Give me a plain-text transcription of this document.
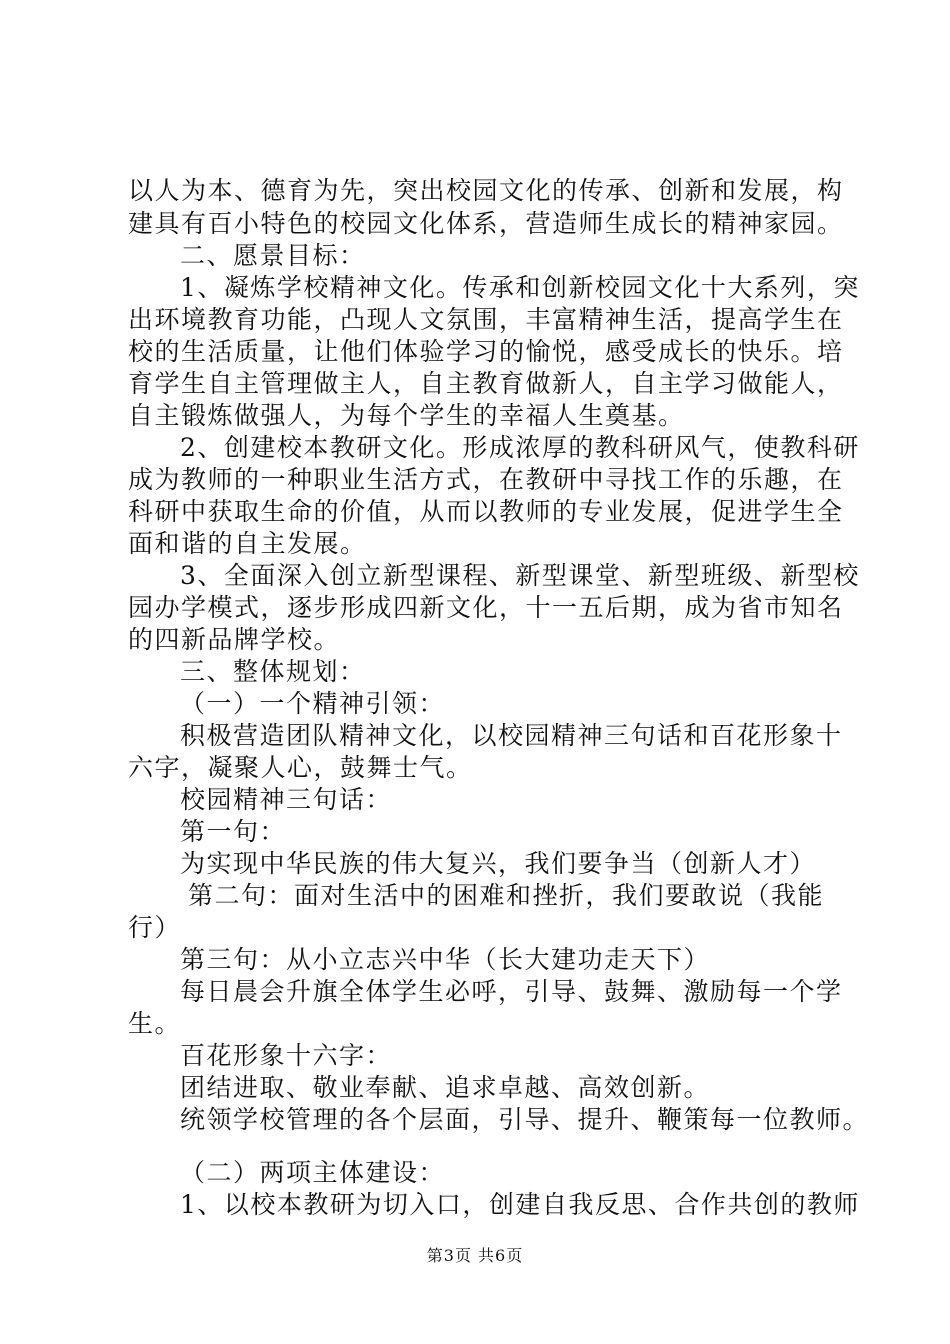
以人为本、德育为先，突出校园文化的传承、创新和发展，构
建具有百小特色的校园文化体系，营造师生成长的精神家园。
二、愿景目标：
1、凝炼学校精神文化。传承和创新校园文化十大系列，突
出环境教育功能，凸现人文氛围，丰富精神生活，提高学生在
校的生活质量，让他们体验学习的愉悦，感受成长的快乐。培
育学生自主管理做主人，自主教育做新人，自主学习做能人，
自主锻炼做强人，为每个学生的幸福人生奠基。
2、创建校本教研文化。形成浓厚的教科研风气，使教科研
成为教师的一种职业生活方式，在教研中寻找工作的乐趣，在
科研中获取生命的价值，从而以教师的专业发展，促进学生全
面和谐的自主发展。
3、全面深入创立新型课程、新型课堂、新型班级、新型校
园办学模式，逐步形成四新文化，十一五后期，成为省市知名
的四新品牌学校。
三、整体规划：
（一）一个精神引领：
积极营造团队精神文化，以校园精神三句话和百花形象十
六字，凝聚人心，鼓舞士气。
校园精神三句话：
第一句：
为实现中华民族的伟大复兴，我们要争当（创新人才）
第二句：面对生活中的困难和挫折，我们要敢说（我能
行）
第三句：从小立志兴中华（长大建功走天下）
每日晨会升旗全体学生必呼，引导、鼓舞、激励每一个学
生。
百花形象十六字：
团结进取、敬业奉献、追求卓越、高效创新。
统领学校管理的各个层面，引导、提升、鞭策每一位教师。
（二）两项主体建设：
1、以校本教研为切入口，创建自我反思、合作共创的教师
第3页 共6页
